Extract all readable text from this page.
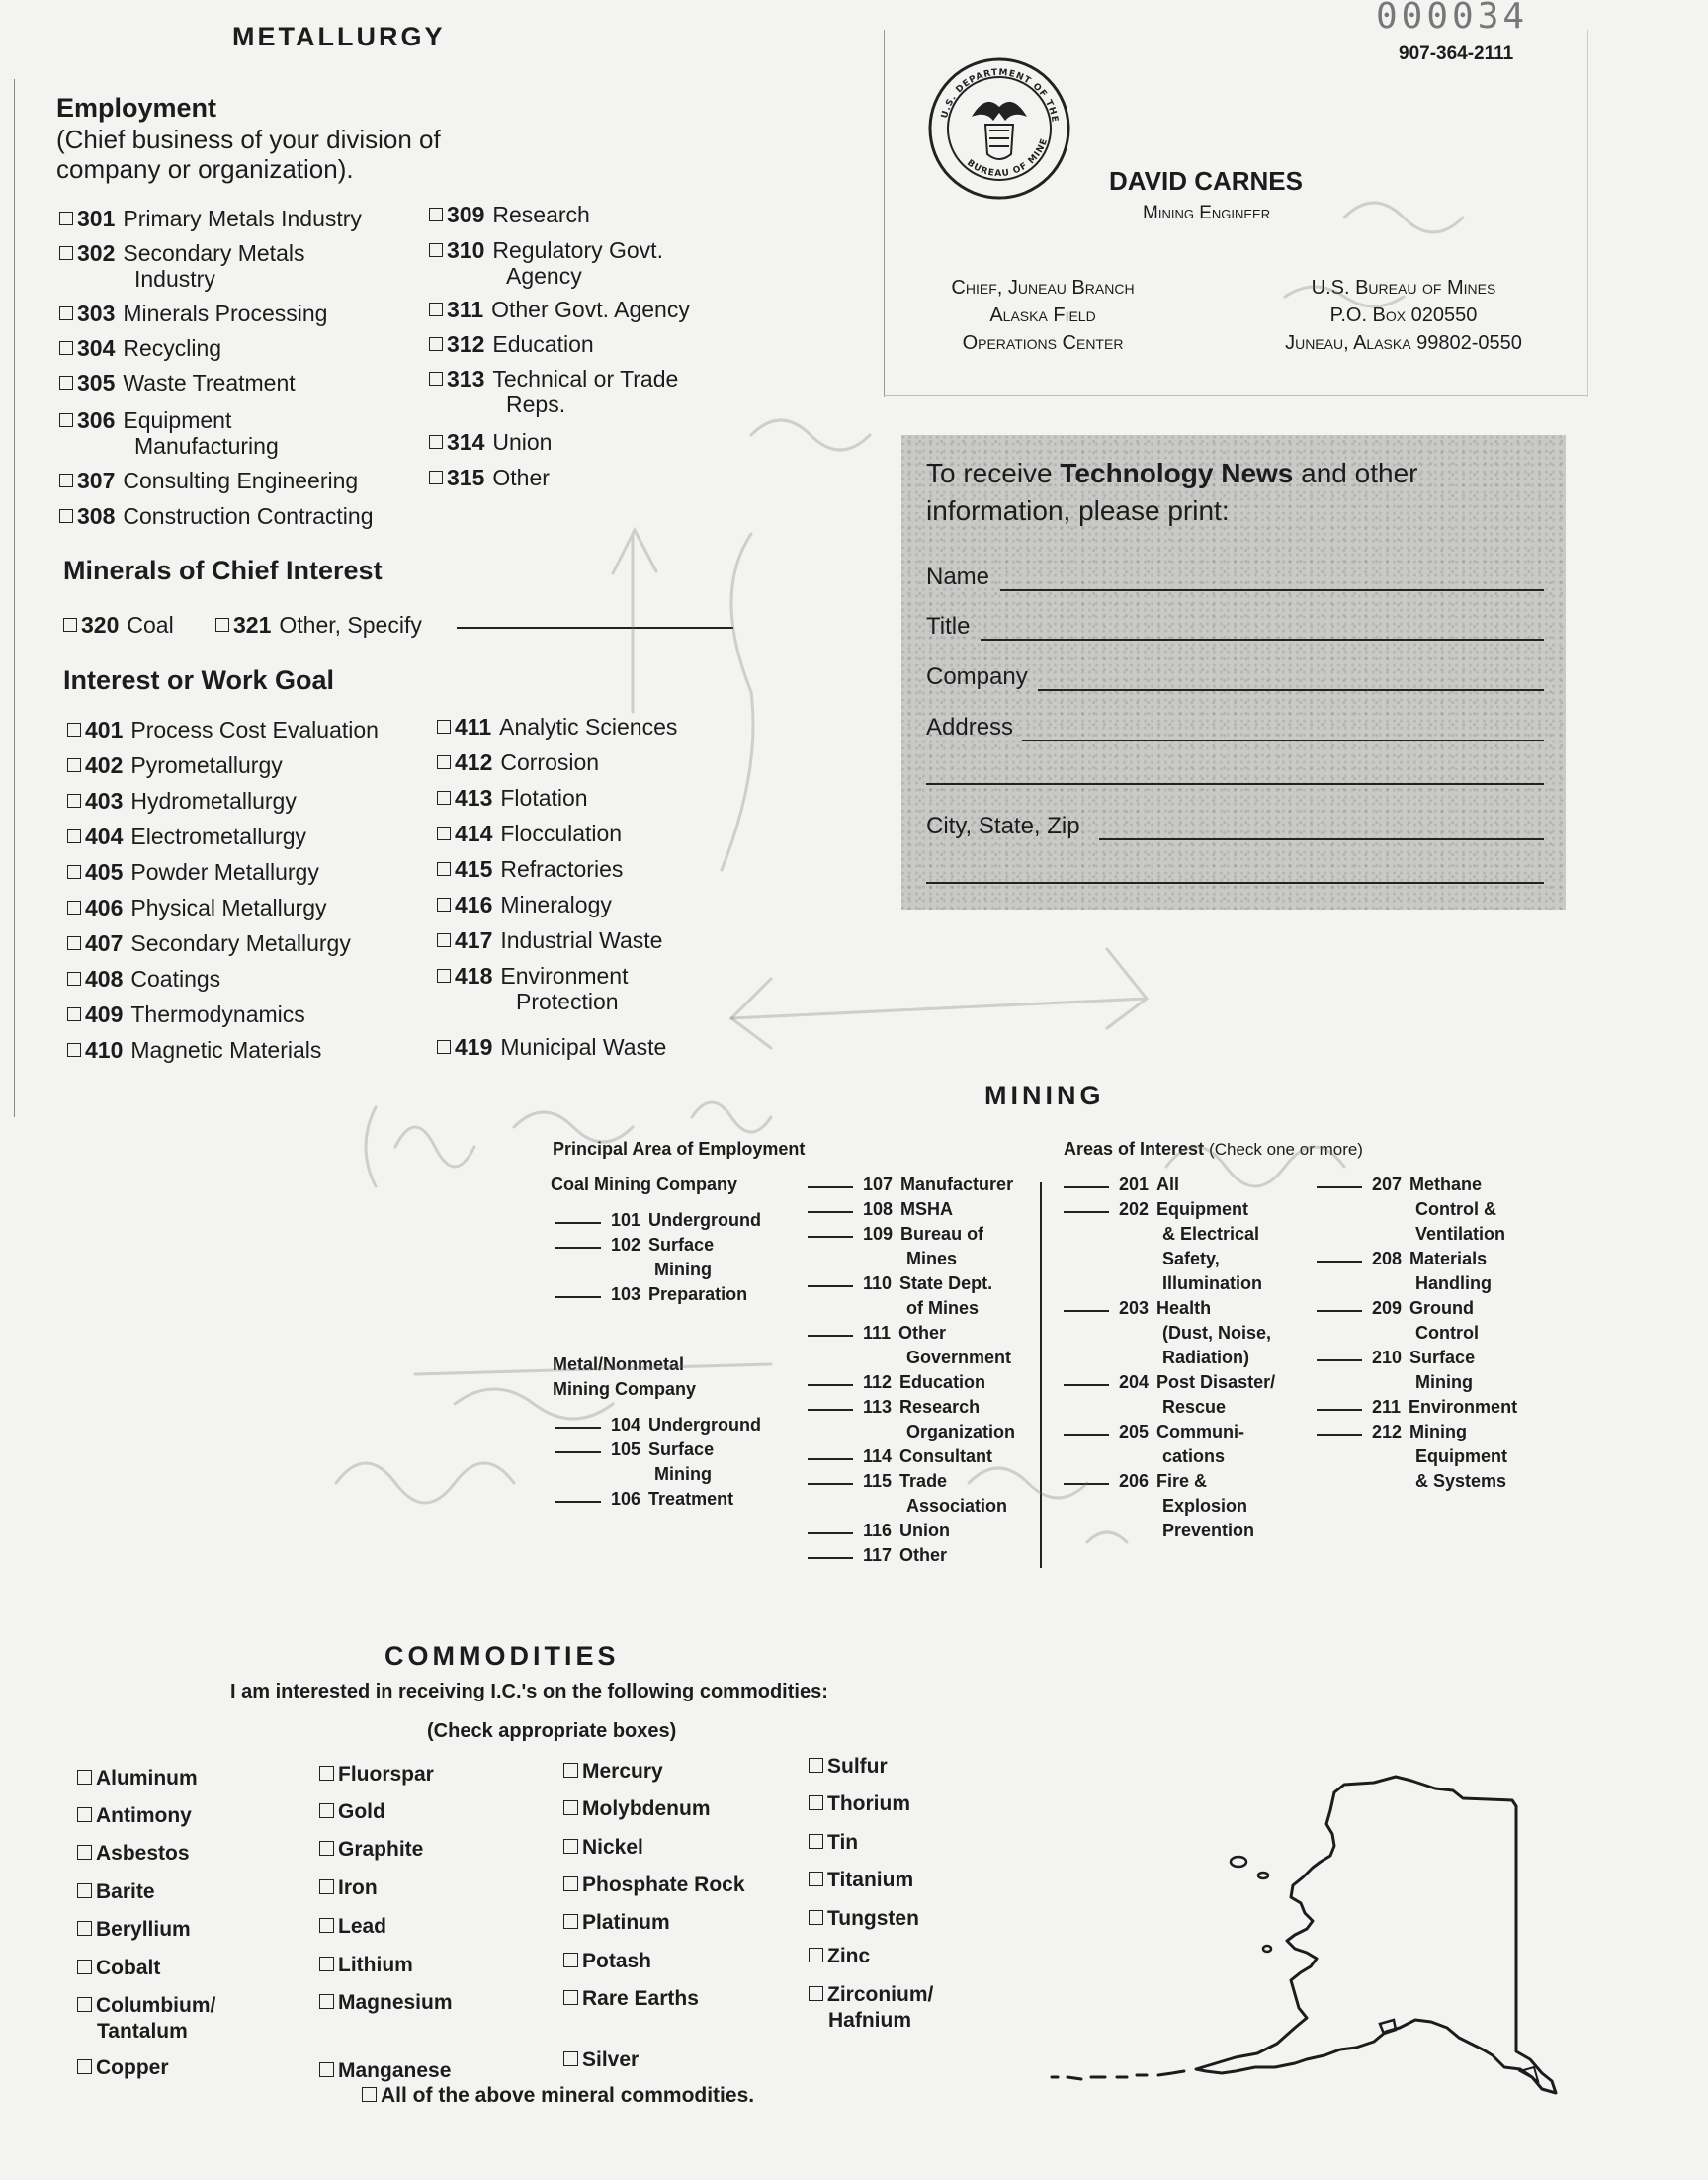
METALLURGY
Employment
(Chief business of your division of
company or organization).
301 Primary Metals Industry
302 Secondary Metals
Industry
303 Minerals Processing
304 Recycling
305 Waste Treatment
306 Equipment
Manufacturing
307 Consulting Engineering
308 Construction Contracting
309 Research
310 Regulatory Govt.
Agency
311 Other Govt. Agency
312 Education
313 Technical or Trade
Reps.
314 Union
315 Other
Minerals of Chief Interest
320 Coal	321 Other, Specify
Interest or Work Goal
401 Process Cost Evaluation
402 Pyrometallurgy
403 Hydrometallurgy
404 Electrometallurgy
405 Powder Metallurgy
406 Physical Metallurgy
407 Secondary Metallurgy
408 Coatings
409 Thermodynamics
410 Magnetic Materials
411 Analytic Sciences
412 Corrosion
413 Flotation
414 Flocculation
415 Refractories
416 Mineralogy
417 Industrial Waste
418 Environment
Protection
419 Municipal Waste
000034
907-364-2111
U.S. DEPARTMENT OF THE
BUREAU OF MINE
DAVID CARNES
Mining Engineer
Chief, Juneau Branch
Alaska Field
Operations Center
U.S. Bureau of Mines
P.O. Box 020550
Juneau, Alaska 99802-0550
To receive Technology News and other
information, please print:
Name
Title
Company
Address
City, State, Zip
MINING
Principal Area of Employment
Coal Mining Company
101 Underground
102 Surface
Mining
103 Preparation
Metal/Nonmetal
Mining Company
104 Underground
105 Surface
Mining
106 Treatment
107 Manufacturer
108 MSHA
109 Bureau of
Mines
110 State Dept.
of Mines
111 Other
Government
112 Education
113 Research
Organization
114 Consultant
115 Trade
Association
116 Union
117 Other
Areas of Interest (Check one or more)
201 All
202 Equipment
& Electrical
Safety,
Illumination
203 Health
(Dust, Noise,
Radiation)
204 Post Disaster/
Rescue
205 Communi-
cations
206 Fire &
Explosion
Prevention
207 Methane
Control &
Ventilation
208 Materials
Handling
209 Ground
Control
210 Surface
Mining
211 Environment
212 Mining
Equipment
& Systems
COMMODITIES
I am interested in receiving I.C.'s on the following commodities:
(Check appropriate boxes)
Aluminum
Antimony
Asbestos
Barite
Beryllium
Cobalt
Columbium/
Copper
Tantalum
Fluorspar
Gold
Graphite
Iron
Lead
Lithium
Magnesium
Manganese
Mercury
Molybdenum
Nickel
Phosphate Rock
Platinum
Potash
Rare Earths
Silver
Sulfur
Thorium
Tin
Titanium
Tungsten
Zinc
Zirconium/
Hafnium
All of the above mineral commodities.
